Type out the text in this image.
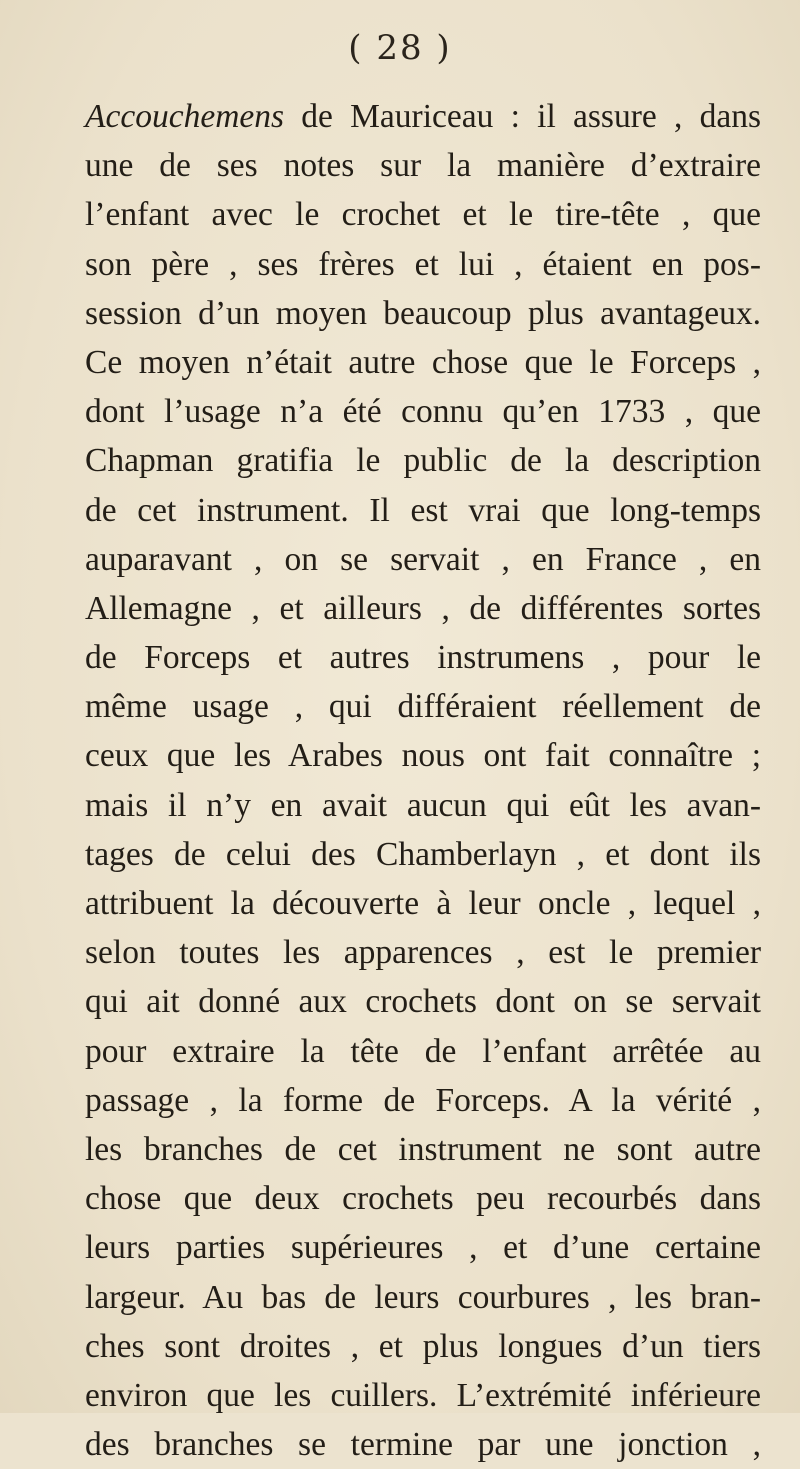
( 28 )
Accouchemens de Mauriceau : il assure , dans
une de ses notes sur la manière d’extraire
l’enfant avec le crochet et le tire-tête , que
son père , ses frères et lui , étaient en pos-
session d’un moyen beaucoup plus avantageux.
Ce moyen n’était autre chose que le Forceps ,
dont l’usage n’a été connu qu’en 1733 , que
Chapman gratifia le public de la description
de cet instrument. Il est vrai que long-temps
auparavant , on se servait , en France , en
Allemagne , et ailleurs , de différentes sortes
de Forceps et autres instrumens , pour le
même usage , qui différaient réellement de
ceux que les Arabes nous ont fait connaître ;
mais il n’y en avait aucun qui eût les avan-
tages de celui des Chamberlayn , et dont ils
attribuent la découverte à leur oncle , lequel ,
selon toutes les apparences , est le premier
qui ait donné aux crochets dont on se servait
pour extraire la tête de l’enfant arrêtée au
passage , la forme de Forceps. A la vérité ,
les branches de cet instrument ne sont autre
chose que deux crochets peu recourbés dans
leurs parties supérieures , et d’une certaine
largeur. Au bas de leurs courbures , les bran-
ches sont droites , et plus longues d’un tiers
environ que les cuillers. L’extrémité inférieure
des branches se termine par une jonction ,
